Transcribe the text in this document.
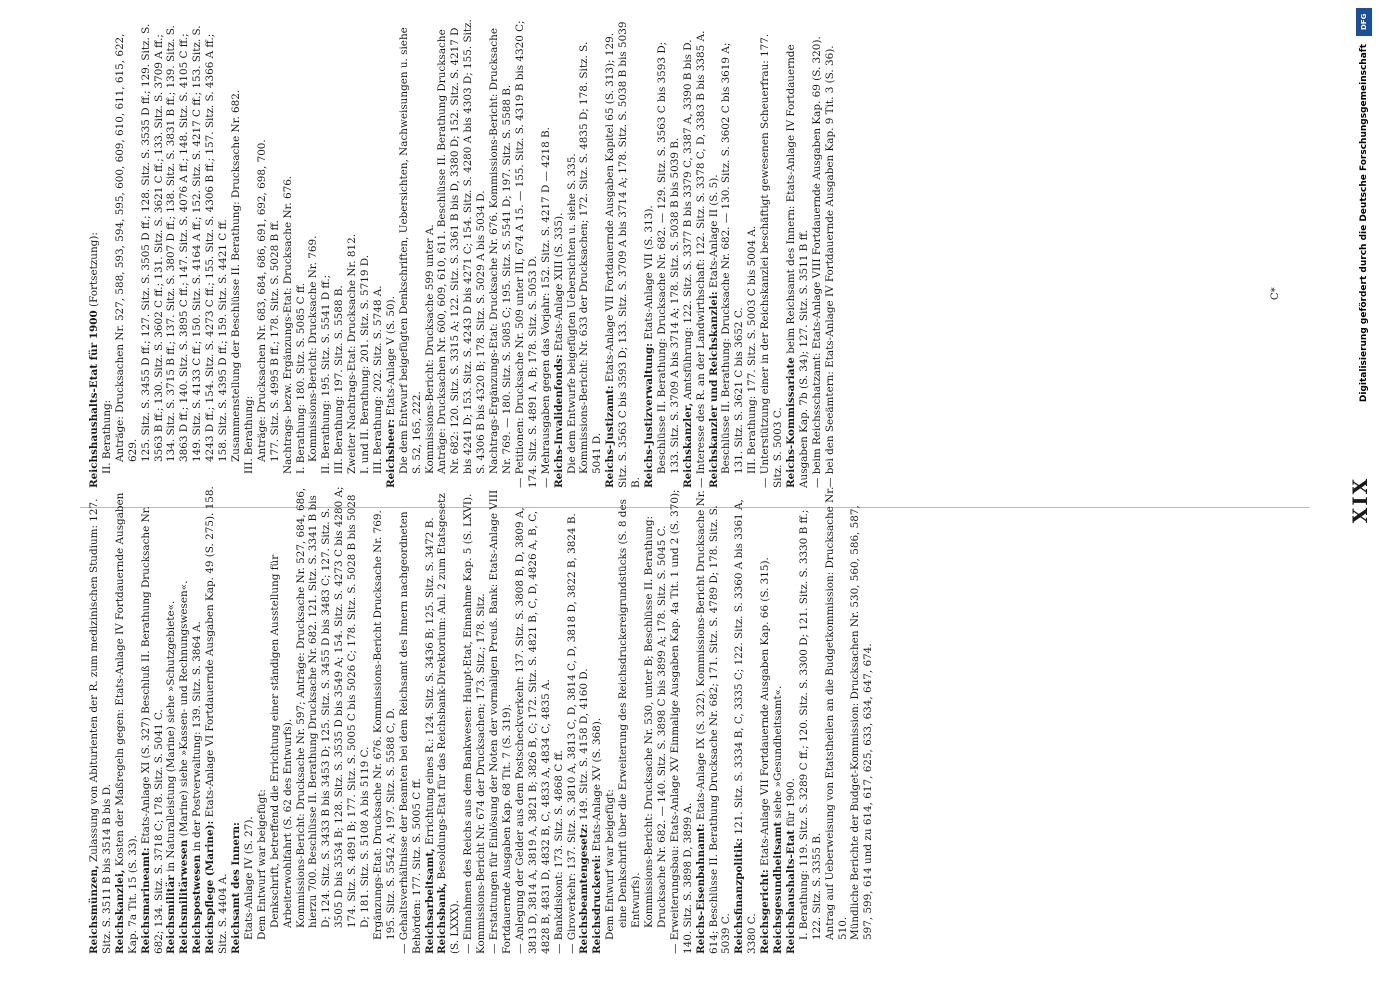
XIX
Reichsmünzen, Zulassung von Abiturienten der R. zum medizinischen Studium: 127. Sitz. S. 3511 B bis 3514 B bis D. Reichskanzlei, Kosten der Maßregeln gegen: Etats-Anlage IV Fortdauernde Ausgaben Kap. 7a Tit. 15 (S. 33). Reichsmarineamt: Etats-Anlage XI (S. 327) Beschluß II. Berathung Drucksache Nr. 682; 134. Sitz. S. 3718 C; 178. Sitz. S. 5041 C. Reichsmilitär in Naturalleistung (Marine) siehe »Schutzgebiete«.
Reichsmilitärwesen (Marine) siehe »Kassen- und Rechnungswesen«.
Reichspostwesen in der Postverwaltung: 139. Sitz. S. 3864 A.
Reichspflege (Marine): Etats-Anlage VI Fortdauernde Ausgaben Kap. 49 (S. 275). 158. Sitz. S. 4404 A. Reichsamt des Innern: Etats-Anlage IV (S. 27). Dem Entwurf war beigefügt: Denkschrift, betreffend die Errichtung einer ständigen Ausstellung für Arbeiterwohlfahrt (S. 62 des Entwurfs). Kommissions-Bericht: Drucksache Nr. 597; Anträge: Drucksache Nr. 527, 684, 686, hierzu 700. Beschlüsse II. Berathung Drucksache Nr. 682. 121. Sitz. S. 3341 B bis D; 124. Sitz. S. 3433 B bis 3453 D; 125. Sitz. S. 3455 D bis 3483 C; 127. Sitz. S. 3505 D bis 3534 B; 128. Sitz. S. 3535 D bis 3549 A; 154. Sitz. S. 4273 C bis 4280 A; 174. Sitz. S. 4891 B; 177. Sitz. S. 5005 C bis 5026 C; 178. Sitz. S. 5028 B bis 5028 D; 181. Sitz. S. 5108 A bis 5119 C. Ergänzungs-Etat: Drucksache Nr. 676. Kommissions-Bericht Drucksache Nr. 769. 195. Sitz. S. 5542 A; 197. Sitz. S. 5588 C, D. — Gehaltsverhältnisse der Beamten bei dem Reichsamt des Innern nachgeordneten Behörden: 177. Sitz. S. 5005 C ff. Reichsarbeitsamt, Errichtung eines R.: 124. Sitz. S. 3436 B; 125. Sitz. S. 3472 B.
Reichsbank, Besoldungs-Etat für das Reichsbank-Direktorium: Anl. 2 zum Etatsgesetz (S. LXXX). — Einnahmen des Reichs aus dem Bankwesen: Haupt-Etat, Einnahme Kap. 5 (S. LXVI). Kommissions-Bericht Nr. 674 der Drucksachen; 173. Sitz.; 178. Sitz. — Erstattungen für Einlösung der Noten der vormaligen Preuß. Bank: Etats-Anlage VIII Fortdauernde Ausgaben Kap. 68 Tit. 7 (S. 319). — Anlegung der Gelder aus dem Postscheckverkehr: 137. Sitz. S. 3808 B, D, 3809 A, 3813 D, 3814 A, 3819 A, 3821 B; 3826 B, C; 172. Sitz. S. 4821 B, C, D, 4826 A, B, C, 4828 B, 4831 D, 4832 B, C, 4833 A, 4834 C, 4835 A. — Bankdiskont: 173. Sitz. S. 4868 C ff. — Giroverkehr: 137. Sitz. S. 3810 A, 3813 C, D, 3814 C, D, 3818 D, 3822 B, 3824 B. Reichsbeamtengesetz: 149. Sitz. S. 4158 D, 4160 D.
Reichsdruckerei: Etats-Anlage XV (S. 368).
Dem Entwurf war beigefügt: eine Denkschrift über die Erweiterung des Reichsdruckereigrundstücks (S. 8 des Entwurfs). Kommissions-Bericht: Drucksache Nr. 530, unter B; Beschlüsse II. Berathung: Drucksache Nr. 682. — 140. Sitz. S. 3898 C bis 3899 A; 178. Sitz. S. 5045 C. — Erweiterungsbau: Etats-Anlage XV Einmalige Ausgaben Kap. 4a Tit. 1 und 2 (S. 370); 140. Sitz. S. 3898 D, 3899 A. Reichs-Eisenbahnamt: Etats-Anlage IX (S. 322). Kommissions-Bericht Drucksache Nr. 614; Beschlüsse II. Berathung Drucksache Nr. 682; 171. Sitz. S. 4789 D; 178. Sitz. S. 5039 C. Reichsfinanzpolitik: 121. Sitz. S. 3334 B, C, 3335 C; 122. Sitz. S. 3360 A bis 3361 A, 3380 C. Reichsgericht: Etats-Anlage VII Fortdauernde Ausgaben Kap. 66 (S. 315).
Reichsgesundheitsamt siehe »Gesundheitsamt«.
Reichshaushalts-Etat für 1900. I. Berathung: 119. Sitz. S. 3289 C ff.; 120. Sitz. S. 3300 D; 121. Sitz. S. 3330 B ff.; 122. Sitz. S. 3355 B. Antrag auf Ueberweisung von Etatstheilen an die Budgetkommission: Drucksache Nr. 510. Mündliche Berichte der Budget-Kommission: Drucksachen Nr. 530, 560, 586, 587, 597, 599, 614 und zu 614, 617, 625, 633, 634, 647, 674.
Reichshaushalts-Etat für 1900 (Fortsetzung):
II. Berathung: Anträge: Drucksachen Nr. 527, 588, 593, 594, 595, 600, 609, 610, 611, 615, 622, 629. 125. Sitz. S. 3455 D ff.; 127. Sitz. S. 3505 D ff.; 128. Sitz. S. 3535 D ff.; 129. Sitz. S. 3563 B ff.; 130. Sitz. S. 3602 C ff.; 131. Sitz. S. 3621 C ff.; 133. Sitz. S. 3709 A ff.; 134. Sitz. S. 3715 B ff.; 137. Sitz. S. 3807 D ff.; 138. Sitz. S. 3831 B ff.; 139. Sitz. S. 3863 D ff.; 140. Sitz. S. 3895 C ff.; 147. Sitz. S. 4076 A ff.; 148. Sitz. S. 4105 C ff.; 149. Sitz. S. 4133 C ff.; 150. Sitz. S. 4164 A ff.; 152. Sitz. S. 4217 C ff.; 153. Sitz. S. 4243 D ff.; 154. Sitz. S. 4273 C ff.; 155. Sitz. S. 4306 B ff.; 157. Sitz. S. 4366 A ff.; 158. Sitz. S. 4395 D ff.; 159. Sitz. S. 4421 C ff. Zusammenstellung der Beschlüsse II. Berathung: Drucksache Nr. 682. III. Berathung: Anträge: Drucksachen Nr. 683, 684, 686, 691, 692, 698, 700. 177. Sitz. S. 4995 B ff.; 178. Sitz. S. 5028 B ff. Nachtrags- bezw. Ergänzungs-Etat: Drucksache Nr. 676. I. Berathung: 180. Sitz. S. 5085 C ff. Kommissions-Bericht: Drucksache Nr. 769. II. Berathung: 195. Sitz. S. 5541 D ff.; III. Berathung: 197. Sitz. S. 5588 B. Zweiter Nachtrags-Etat: Drucksache Nr. 812. I. und II. Berathung: 201. Sitz. S. 5719 D. III. Berathung: 202. Sitz. S. 5748 A. Reichsheer: Etats-Anlage V (S. 50). Die dem Entwurf beigefügten Denkschriften, Uebersichten, Nachweisungen u. siehe S. 52, 165, 222. Kommissions-Bericht: Drucksache 599 unter A. Anträge: Drucksachen Nr. 600, 609, 610, 611. Beschlüsse II. Berathung Drucksache Nr. 682: 120. Sitz. S. 3315 A; 122. Sitz. S. 3361 B bis D, 3380 D; 152. Sitz. S. 4217 D bis 4241 D; 153. Sitz. S. 4243 D bis 4271 C; 154. Sitz. S. 4280 A bis 4303 D; 155. Sitz. S. 4306 B bis 4320 B; 178. Sitz. S. 5029 A bis 5034 D. Nachtrags-Ergänzungs-Etat: Drucksache Nr. 676. Kommissions-Bericht: Drucksache Nr. 769. — 180. Sitz. S. 5085 C; 195. Sitz. S. 5541 D; 197. Sitz. S. 5588 B. — Petitionen: Drucksache Nr. 509 unter III, 674 A 15. — 155. Sitz. S. 4319 B bis 4320 C; 174. Sitz. S. 4891 A, B; 178. Sitz. S. 5053 D. — Mehrausgaben gegen das Vorjahr: 152. Sitz. S. 4217 D — 4218 B. Reichs-Invalidenfonds: Etats-Anlage XIII (S. 335). Die dem Entwurfe beigefügten Uebersichten u. siehe S. 335. Kommissions-Bericht: Nr. 633 der Drucksachen; 172. Sitz. S. 4835 D; 178. Sitz. S. 5041 D. Reichs-Justizamt: Etats-Anlage VII Fortdauernde Ausgaben Kapitel 65 (S. 313); 129. Sitz. S. 3563 C bis 3593 D; 133. Sitz. S. 3709 A bis 3714 A; 178. Sitz. S. 5038 B bis 5039 B. Reichs-Justizverwaltung: Etats-Anlage VII (S. 313). Beschlüsse II. Berathung: Drucksache Nr. 682. — 129. Sitz. S. 3563 C bis 3593 D; 133. Sitz. S. 3709 A bis 3714 A; 178. Sitz. S. 5038 B bis 5039 B. Reichskanzler, Amtsführung: 122. Sitz. S. 3377 B bis 3379 C, 3387 A, 3390 B bis D. — Interesse des R. an der Landwirthschaft: 122. Sitz. S. 3378 C, D, 3383 B bis 3385 A. Reichskanzler und Reichskanzlei: Etats-Anlage II (S. 5). Beschlüsse II. Berathung: Drucksache Nr. 682. — 130. Sitz. S. 3602 C bis 3619 A; 131. Sitz. S. 3621 C bis 3652 C. III. Berathung: 177. Sitz. S. 5003 C bis 5004 A. — Unterstützung einer in der Reichskanzlei beschäftigt gewesenen Scheuerfrau: 177. Sitz. S. 5003 C. Reichs-Kommissariate beim Reichsamt des Innern: Etats-Anlage IV Fortdauernde Ausgaben Kap. 7b (S. 34); 127. Sitz. S. 3511 B ff. — beim Reichsschatzamt: Etats-Anlage VIII Fortdauernde Ausgaben Kap. 69 (S. 320). — bei den Seeämtern: Etats-Anlage IV Fortdauernde Ausgaben Kap. 9 Tit. 3 (S. 36).	C*
DFG
Digitalisierung gefördert durch die Deutsche Forschungsgemeinschaft
